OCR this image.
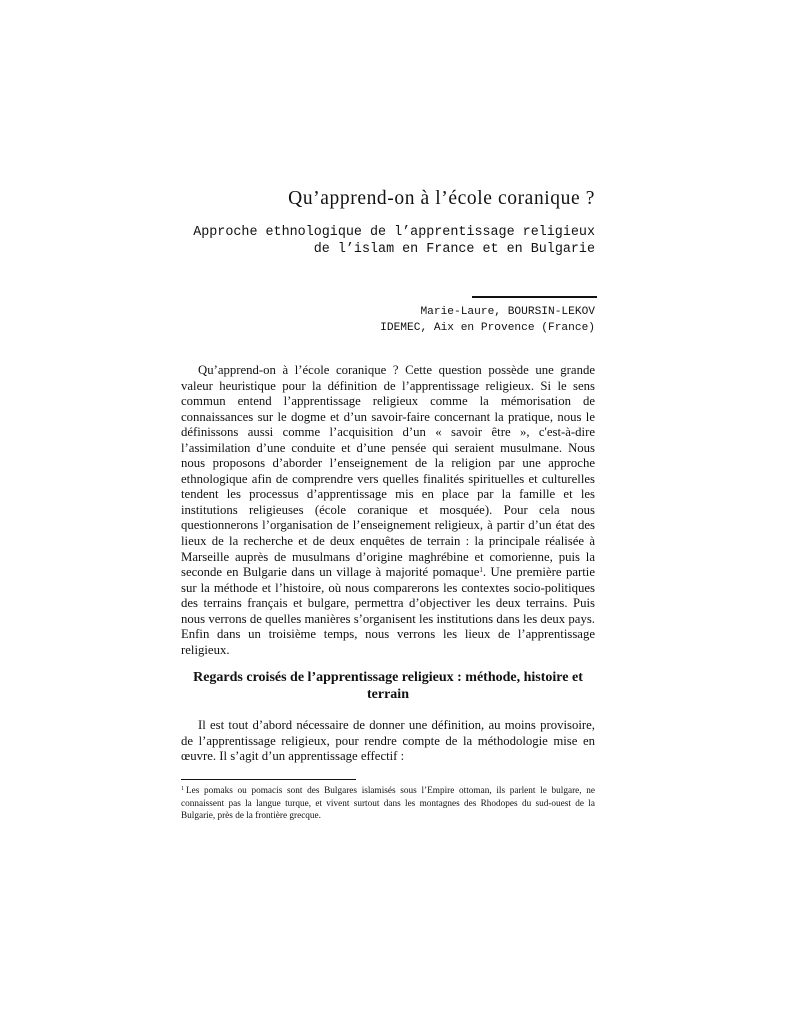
Qu’apprend-on à l’école coranique ?

Approche ethnologique de l’apprentissage religieux de l’islam en France et en Bulgarie

Marie-Laure, BOURSIN-LEKOV
IDEMEC, Aix en Provence (France)

Qu’apprend-on à l’école coranique ? Cette question possède une grande valeur heuristique pour la définition de l’apprentissage religieux. Si le sens commun entend l’apprentissage religieux comme la mémorisation de connaissances sur le dogme et d’un savoir-faire concernant la pratique, nous le définissons aussi comme l’acquisition d’un « savoir être », c'est-à-dire l’assimilation d’une conduite et d’une pensée qui seraient musulmane. Nous nous proposons d’aborder l’enseignement de la religion par une approche ethnologique afin de comprendre vers quelles finalités spirituelles et culturelles tendent les processus d’apprentissage mis en place par la famille et les institutions religieuses (école coranique et mosquée). Pour cela nous questionnerons l’organisation de l’enseignement religieux, à partir d’un état des lieux de la recherche et de deux enquêtes de terrain : la principale réalisée à Marseille auprès de musulmans d’origine maghrébine et comorienne, puis la seconde en Bulgarie dans un village à majorité pomaque$^1$. Une première partie sur la méthode et l’histoire, où nous comparerons les contextes socio-politiques des terrains français et bulgare, permettra d’objectiver les deux terrains. Puis nous verrons de quelles manières s’organisent les institutions dans les deux pays. Enfin dans un troisième temps, nous verrons les lieux de l’apprentissage religieux.

Regards croisés de l’apprentissage religieux : méthode, histoire et terrain

Il est tout d’abord nécessaire de donner une définition, au moins provisoire, de l’apprentissage religieux, pour rendre compte de la méthodologie mise en œuvre. Il s’agit d’un apprentissage effectif :

$^1$ Les pomaks ou pomacis sont des Bulgares islamisés sous l’Empire ottoman, ils parlent le bulgare, ne connaissent pas la langue turque, et vivent surtout dans les montagnes des Rhodopes du sud-ouest de la Bulgarie, près de la frontière grecque.
